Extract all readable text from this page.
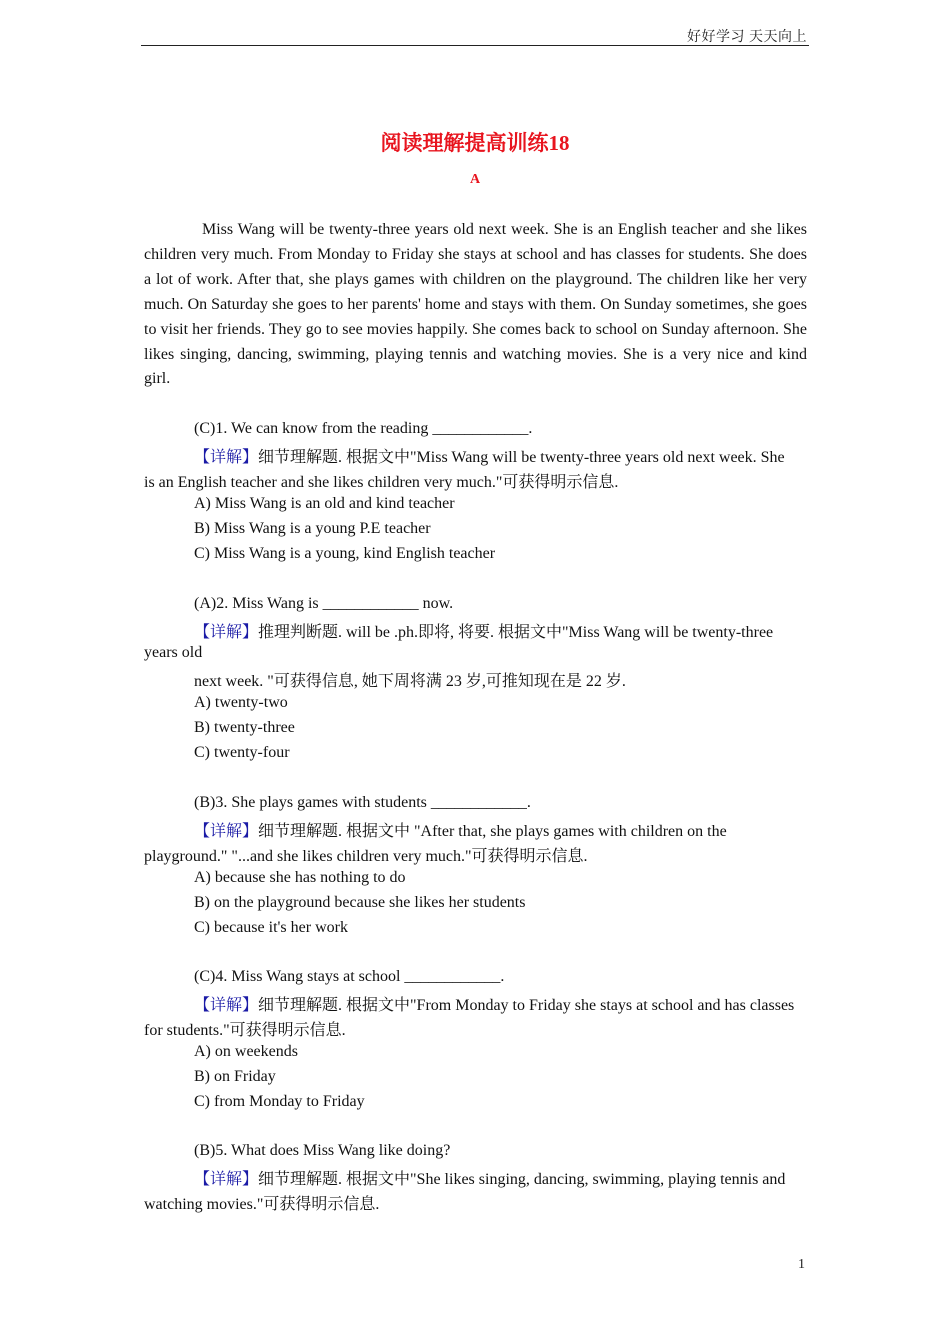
好好学习 天天向上
阅读理解提高训练18
A

Miss Wang will be twenty-three years old next week. She is an English teacher and she likes children very much. From Monday to Friday she stays at school and has classes for students. She does a lot of work. After that, she plays games with children on the playground. The children like her very much. On Saturday she goes to her parents' home and stays with them. On Sunday sometimes, she goes to visit her friends. They go to see movies happily. She comes back to school on Sunday afternoon. She likes singing, dancing, swimming, playing tennis and watching movies. She is a very nice and kind girl.

(C)1. We can know from the reading ____________.
【详解】细节理解题. 根据文中"Miss Wang will be twenty-three years old next week. She
is an English teacher and she likes children very much."可获得明示信息.
A) Miss Wang is an old and kind teacher
B) Miss Wang is a young P.E teacher
C) Miss Wang is a young, kind English teacher
(A)2. Miss Wang is ____________ now.
【详解】推理判断题. will be .ph.即将, 将要. 根据文中"Miss Wang will be twenty-three
years old
next week. "可获得信息, 她下周将满 23 岁,可推知现在是 22 岁.
A) twenty-two
B) twenty-three
C) twenty-four
(B)3. She plays games with students ____________.
【详解】细节理解题. 根据文中 "After that, she plays games with children on the
playground." "...and she likes children very much."可获得明示信息.
A) because she has nothing to do
B) on the playground because she likes her students
C) because it's her work
(C)4. Miss Wang stays at school ____________.
【详解】细节理解题. 根据文中"From Monday to Friday she stays at school and has classes
for students."可获得明示信息.
A) on weekends
B) on Friday
C) from Monday to Friday
(B)5. What does Miss Wang like doing?
【详解】细节理解题. 根据文中"She likes singing, dancing, swimming, playing tennis and
watching movies."可获得明示信息.
1
